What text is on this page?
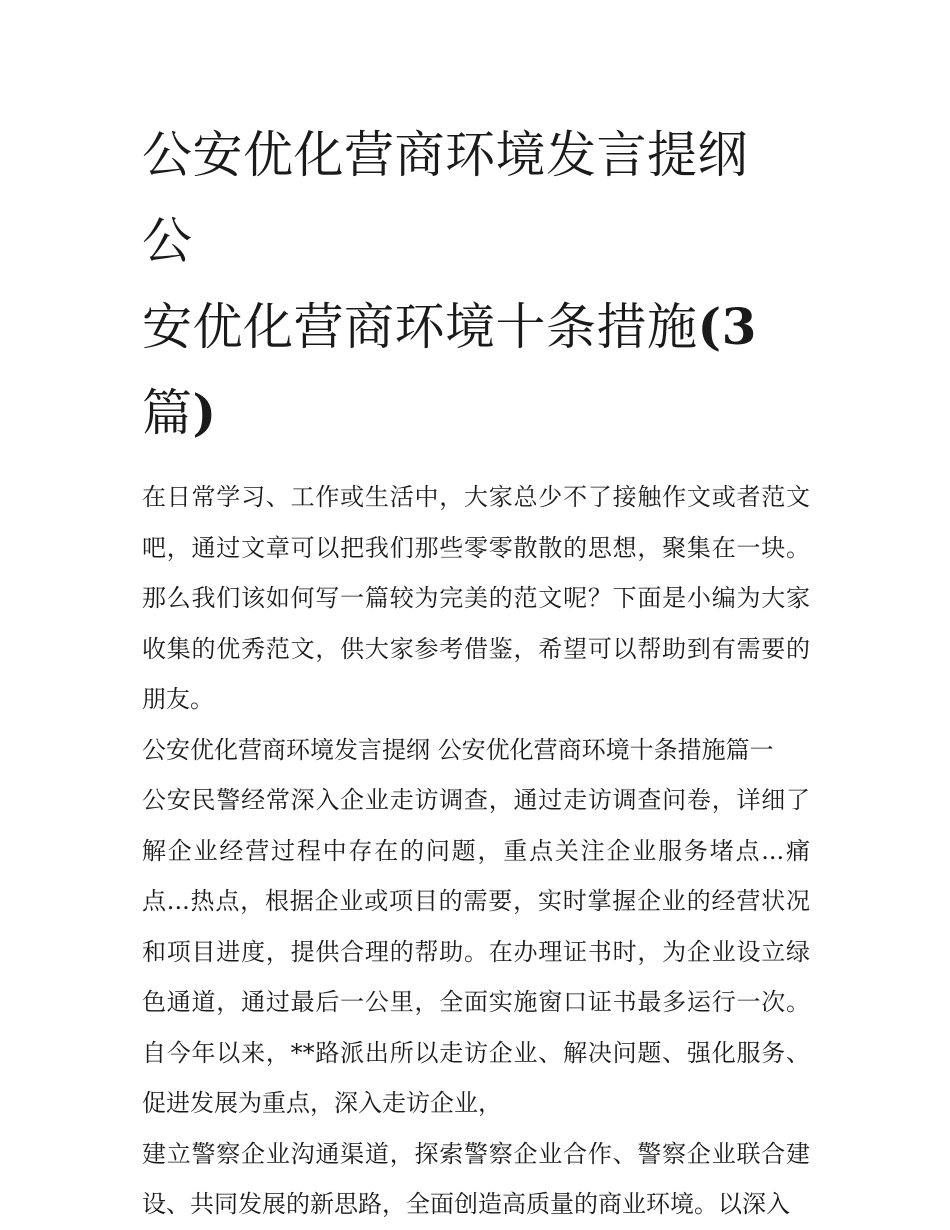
公安优化营商环境发言提纲 公
安优化营商环境十条措施(3
篇)

在日常学习、工作或生活中，大家总少不了接触作文或者范文吧，通过文章可以把我们那些零零散散的思想，聚集在一块。那么我们该如何写一篇较为完美的范文呢？下面是小编为大家收集的优秀范文，供大家参考借鉴，希望可以帮助到有需要的朋友。

公安优化营商环境发言提纲 公安优化营商环境十条措施篇一

公安民警经常深入企业走访调查，通过走访调查问卷，详细了解企业经营过程中存在的问题，重点关注企业服务堵点...痛点...热点，根据企业或项目的需要，实时掌握企业的经营状况和项目进度，提供合理的帮助。在办理证书时，为企业设立绿色通道，通过最后一公里，全面实施窗口证书最多运行一次。自今年以来，**路派出所以走访企业、解决问题、强化服务、促进发展为重点，深入走访企业，

建立警察企业沟通渠道，探索警察企业合作、警察企业联合建设、共同发展的新思路，全面创造高质量的商业环境。以深入
